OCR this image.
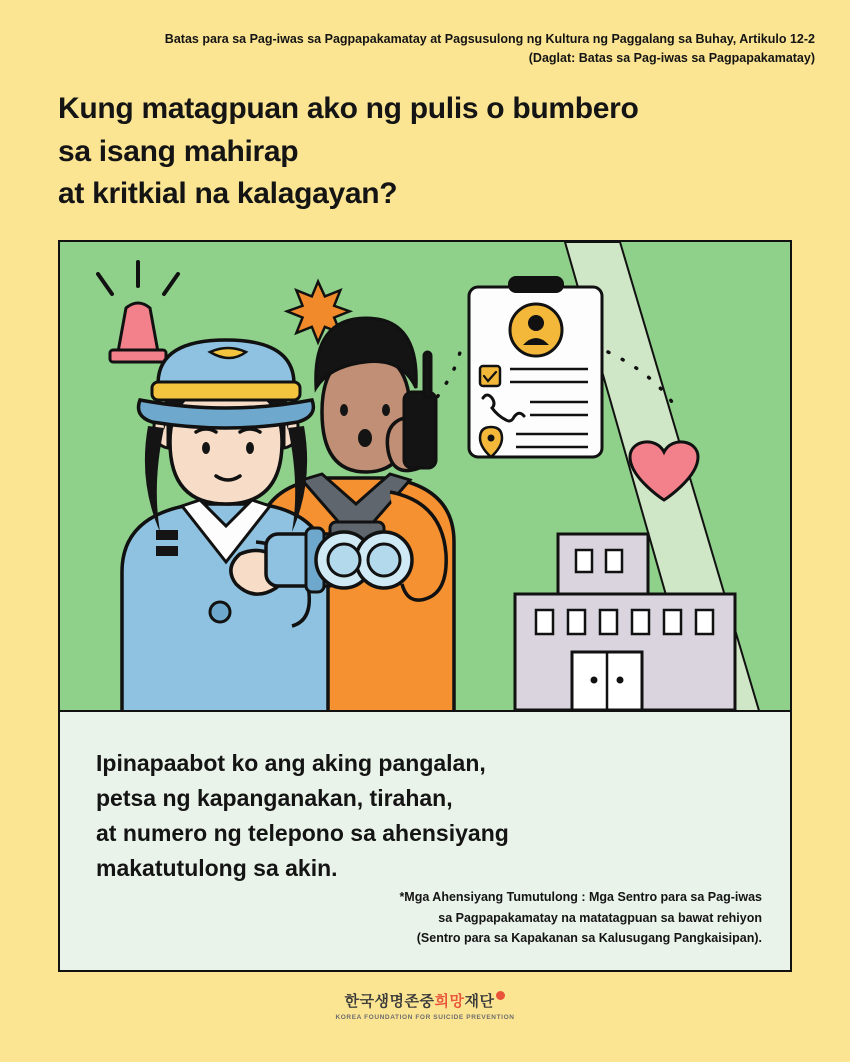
Batas para sa Pag-iwas sa Pagpapakamatay at Pagsusulong ng Kultura ng Paggalang sa Buhay, Artikulo 12-2
(Daglat: Batas sa Pag-iwas sa Pagpapakamatay)
Kung matagpuan ako ng pulis o bumbero
sa isang mahirap
at kritkial na kalagayan?
Ipinapaabot ko ang aking pangalan,
petsa ng kapanganakan, tirahan,
at numero ng telepono sa ahensiyang
makatutulong sa akin.
*Mga Ahensiyang Tumutulong : Mga Sentro para sa Pag-iwas
sa Pagpapakamatay na matatagpuan sa bawat rehiyon
(Sentro para sa Kapakanan sa Kalusugang Pangkaisipan).
한국생명존중희망재단
KOREA FOUNDATION FOR SUICIDE PREVENTION
